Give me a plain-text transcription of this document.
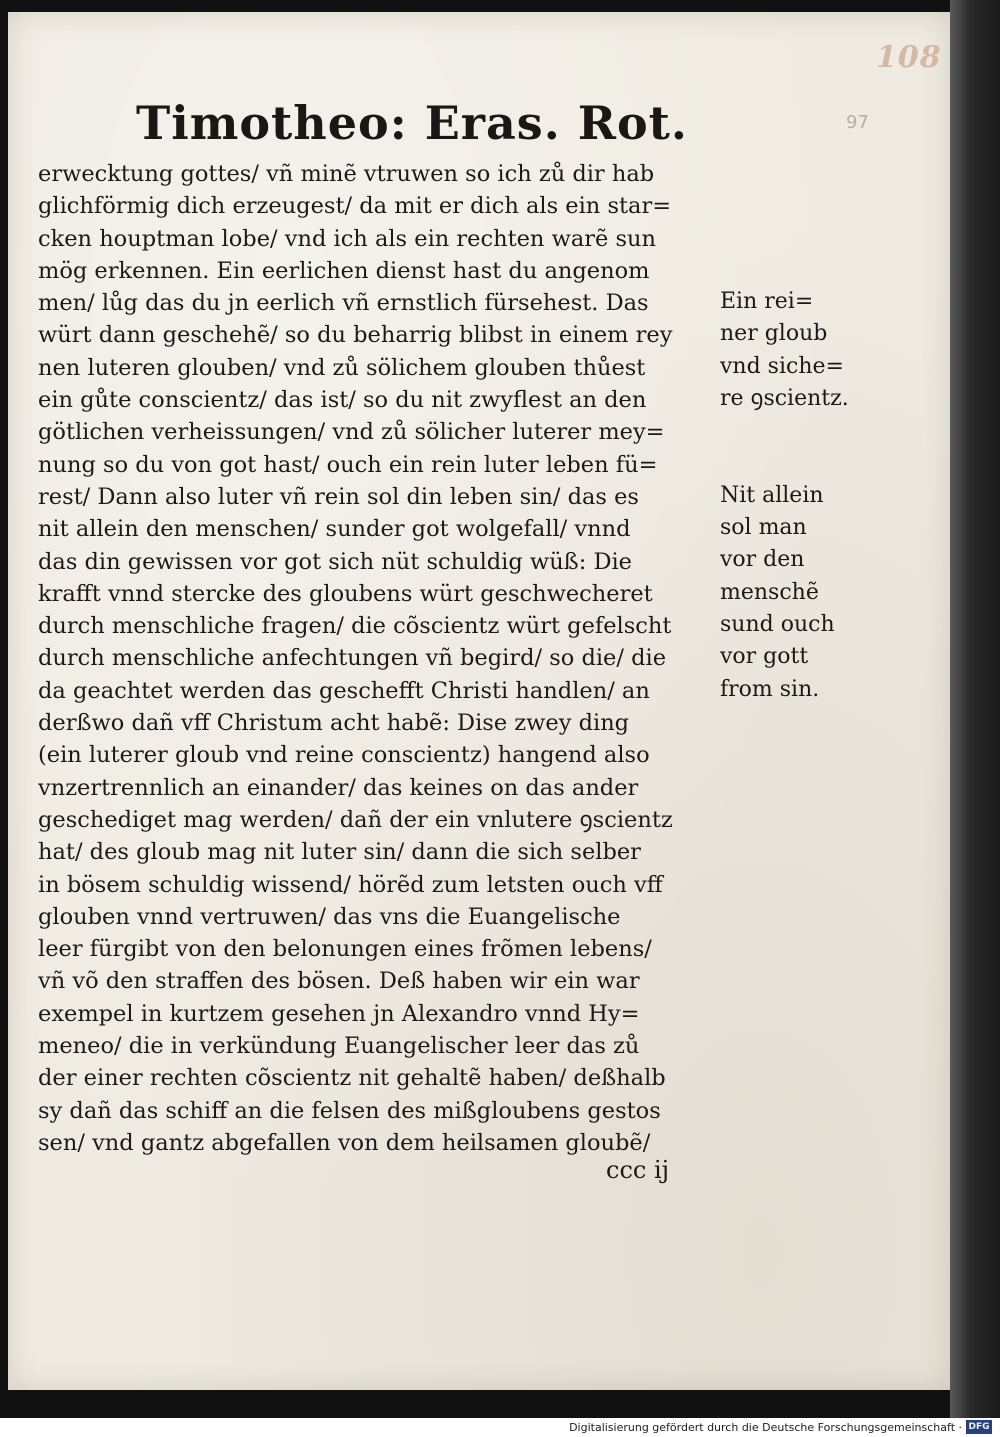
108
97
Timotheo: Eras. Rot.
erwecktung gottes/ vñ minẽ vtruwen so ich zů dir hab
glichförmig dich erzeugest/ da mit er dich als ein star=
cken houptman lobe/ vnd ich als ein rechten warẽ sun
mög erkennen. Ein eerlichen dienst hast du angenom
men/ lůg das du jn eerlich vñ ernstlich fürsehest. Das
würt dann geschehẽ/ so du beharrig blibst in einem rey
nen luteren glouben/ vnd zů sölichem glouben thůest
ein gůte conscientz/ das ist/ so du nit zwyflest an den
götlichen verheissungen/ vnd zů sölicher luterer mey=
nung so du von got hast/ ouch ein rein luter leben fü=
rest/ Dann also luter vñ rein sol din leben sin/ das es
nit allein den menschen/ sunder got wolgefall/ vnnd
das din gewissen vor got sich nüt schuldig wüß: Die
krafft vnnd stercke des gloubens würt geschwecheret
durch menschliche fragen/ die cõscientz würt gefelscht
durch menschliche anfechtungen vñ begird/ so die/ die
da geachtet werden das geschefft Christi handlen/ an
derßwo dañ vff Christum acht habẽ: Dise zwey ding
(ein luterer gloub vnd reine conscientz) hangend also
vnzertrennlich an einander/ das keines on das ander
geschediget mag werden/ dañ der ein vnlutere ꝯscientz
hat/ des gloub mag nit luter sin/ dann die sich selber
in bösem schuldig wissend/ hörẽd zum letsten ouch vff
glouben vnnd vertruwen/ das vns die Euangelische
leer fürgibt von den belonungen eines frõmen lebens/
vñ võ den straffen des bösen. Deß haben wir ein war
exempel in kurtzem gesehen jn Alexandro vnnd Hy=
meneo/ die in verkündung Euangelischer leer das zů
der einer rechten cõscientz nit gehaltẽ haben/ deßhalb
sy dañ das schiff an die felsen des mißgloubens gestos
sen/ vnd gantz abgefallen von dem heilsamen gloubẽ/
Ein rei=
ner gloub
vnd siche=
re ꝯscientz.
Nit allein
sol man
vor den
menschẽ
sund ouch
vor gott
from sin.
ccc ij
Digitalisierung gefördert durch die Deutsche Forschungsgemeinschaft · DFG
